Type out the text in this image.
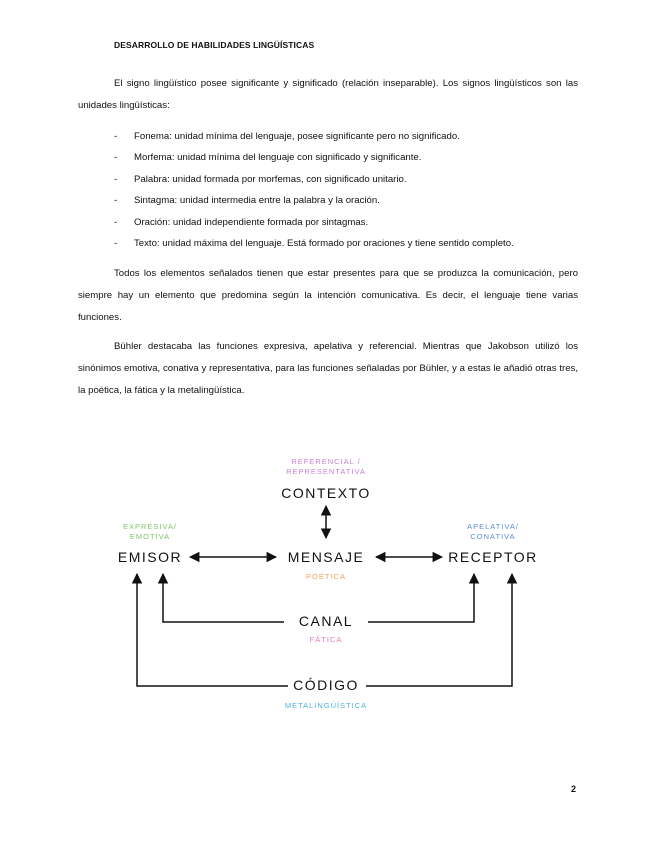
DESARROLLO DE HABILIDADES LINGÜÍSTICAS
El signo lingüístico posee significante y significado (relación inseparable). Los signos lingüísticos son las unidades lingüísticas:
- Fonema: unidad mínima del lenguaje, posee significante pero no significado.
- Morfema: unidad mínima del lenguaje con significado y significante.
- Palabra: unidad formada por morfemas, con significado unitario.
- Sintagma: unidad intermedia entre la palabra y la oración.
- Oración: unidad independiente formada por sintagmas.
- Texto: unidad máxima del lenguaje. Está formado por oraciones y tiene sentido completo.
Todos los elementos señalados tienen que estar presentes para que se produzca la comunicación, pero siempre hay un elemento que predomina según la intención comunicativa. Es decir, el lenguaje tiene varias funciones.
Bühler destacaba las funciones expresiva, apelativa y referencial. Mientras que Jakobson utilizó los sinónimos emotiva, conativa y representativa, para las funciones señaladas por Bühler, y a estas le añadió otras tres, la poética, la fática y la metalingüística.
REFERENCIAL /
REPRESENTATIVA
CONTEXTO
EXPRESIVA/
EMOTIVA
EMISOR	MENSAJE
POÉTICA
APELATIVA/
CONATIVA
RECEPTOR
CANAL
FÁTICA
CÓDIGO
METALINGÜÍSTICA
2
